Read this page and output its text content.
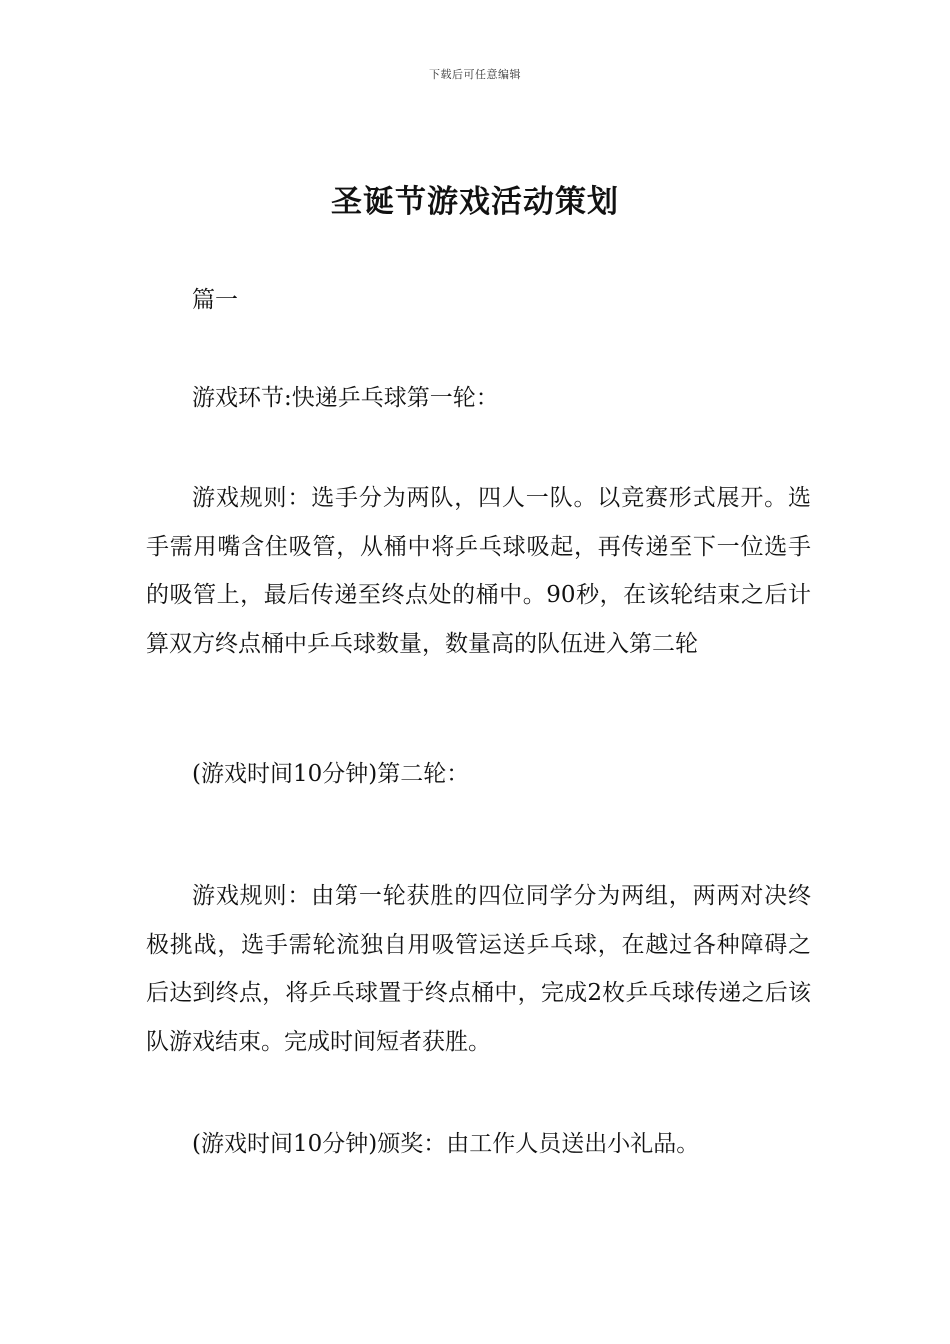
下载后可任意编辑
圣诞节游戏活动策划

篇一

游戏环节:快递乒乓球第一轮：

游戏规则：选手分为两队，四人一队。以竞赛形式展开。选手需用嘴含住吸管，从桶中将乒乓球吸起，再传递至下一位选手的吸管上，最后传递至终点处的桶中。90秒，在该轮结束之后计算双方终点桶中乒乓球数量，数量高的队伍进入第二轮

(游戏时间10分钟)第二轮：

游戏规则：由第一轮获胜的四位同学分为两组，两两对决终极挑战，选手需轮流独自用吸管运送乒乓球，在越过各种障碍之后达到终点，将乒乓球置于终点桶中，完成2枚乒乓球传递之后该队游戏结束。完成时间短者获胜。

(游戏时间10分钟)颁奖：由工作人员送出小礼品。
